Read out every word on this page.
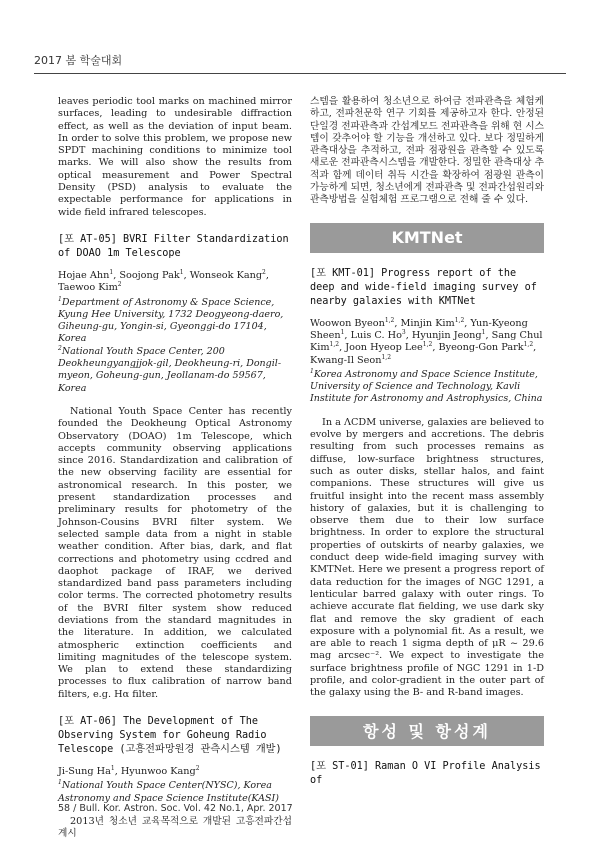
2017 봄 학술대회

leaves periodic tool marks on machined mirror surfaces, leading to undesirable diffraction effect, as well as the deviation of input beam. In order to solve this problem, we propose new SPDT machining conditions to minimize tool marks. We will also show the results from optical measurement and Power Spectral Density (PSD) analysis to evaluate the expectable performance for applications in wide field infrared telescopes.

[포 AT-05] BVRI Filter Standardization of DOAO 1m Telescope
Hojae Ahn$^1$, Soojong Pak$^1$, Wonseok Kang$^2$, Taewoo Kim$^2$
$^1$Department of Astronomy & Space Science, Kyung Hee University, 1732 Deogyeong-daero, Giheung-gu, Yongin-si, Gyeonggi-do 17104, Korea
$^2$National Youth Space Center, 200 Deokheungyangjjok-gil, Deokheung-ri, Dongil-myeon, Goheung-gun, Jeollanam-do 59567, Korea

National Youth Space Center has recently founded the Deokheung Optical Astronomy Observatory (DOAO) 1m Telescope, which accepts community observing applications since 2016. Standardization and calibration of the new observing facility are essential for astronomical research. In this poster, we present standardization processes and preliminary results for photometry of the Johnson-Cousins BVRI filter system. We selected sample data from a night in stable weather condition. After bias, dark, and flat corrections and photometry using ccdred and daophot package of IRAF, we derived standardized band pass parameters including color terms. The corrected photometry results of the BVRI filter system show reduced deviations from the standard magnitudes in the literature. In addition, we calculated atmospheric extinction coefficients and limiting magnitudes of the telescope system. We plan to extend these standardizing processes to flux calibration of narrow band filters, e.g. Hα filter.

[포 AT-06] The Development of The Observing System for Goheung Radio Telescope (고흥전파망원경 관측시스템 개발)
Ji-Sung Ha$^1$, Hyunwoo Kang$^2$
$^1$National Youth Space Center(NYSC), Korea Astronomy and Space Science Institute(KASI)

2013년 청소년 교육목적으로 개발된 고흥전파간섭계시

스템을 활용하여 청소년으로 하여금 전파관측을 체험케 하고, 전파천문학 연구 기회를 제공하고자 한다. 안정된 단일경 전파관측과 간섭계모드 전파관측을 위해 현 시스템이 갖추어야 할 기능을 개선하고 있다. 보다 정밀하게 관측대상을 추적하고, 전파 점광원을 관측할 수 있도록 새로운 전파관측시스템을 개발한다. 정밀한 관측대상 추적과 함께 데이터 취득 시간을 확장하여 점광원 관측이 가능하게 되면, 청소년에게 전파관측 및 전파간섭원리와 관측방법을 실험체험 프로그램으로 전해 줄 수 있다.

KMTNet
[포 KMT-01] Progress report of the deep and wide-field imaging survey of nearby galaxies with KMTNet
Woowon Byeon$^{1,2}$, Minjin Kim$^{1,2}$, Yun-Kyeong Sheen$^1$, Luis C. Ho$^3$, Hyunjin Jeong$^1$, Sang Chul Kim$^{1,2}$, Joon Hyeop Lee$^{1,2}$, Byeong-Gon Park$^{1,2}$, Kwang-Il Seon$^{1,2}$
$^1$Korea Astronomy and Space Science Institute, University of Science and Technology, Kavli Institute for Astronomy and Astrophysics, China

In a ΛCDM universe, galaxies are believed to evolve by mergers and accretions. The debris resulting from such processes remains as diffuse, low-surface brightness structures, such as outer disks, stellar halos, and faint companions. These structures will give us fruitful insight into the recent mass assembly history of galaxies, but it is challenging to observe them due to their low surface brightness. In order to explore the structural properties of outskirts of nearby galaxies, we conduct deep wide-field imaging survey with KMTNet. Here we present a progress report of data reduction for the images of NGC 1291, a lenticular barred galaxy with outer rings. To achieve accurate flat fielding, we use dark sky flat and remove the sky gradient of each exposure with a polynomial fit. As a result, we are able to reach 1 sigma depth of μR ~ 29.6 mag arcsec⁻². We expect to investigate the surface brightness profile of NGC 1291 in 1-D profile, and color-gradient in the outer part of the galaxy using the B- and R-band images.

항성 및 항성계
[포 ST-01] Raman O VI Profile Analysis of
58 / Bull. Kor. Astron. Soc. Vol. 42 No.1, Apr. 2017
